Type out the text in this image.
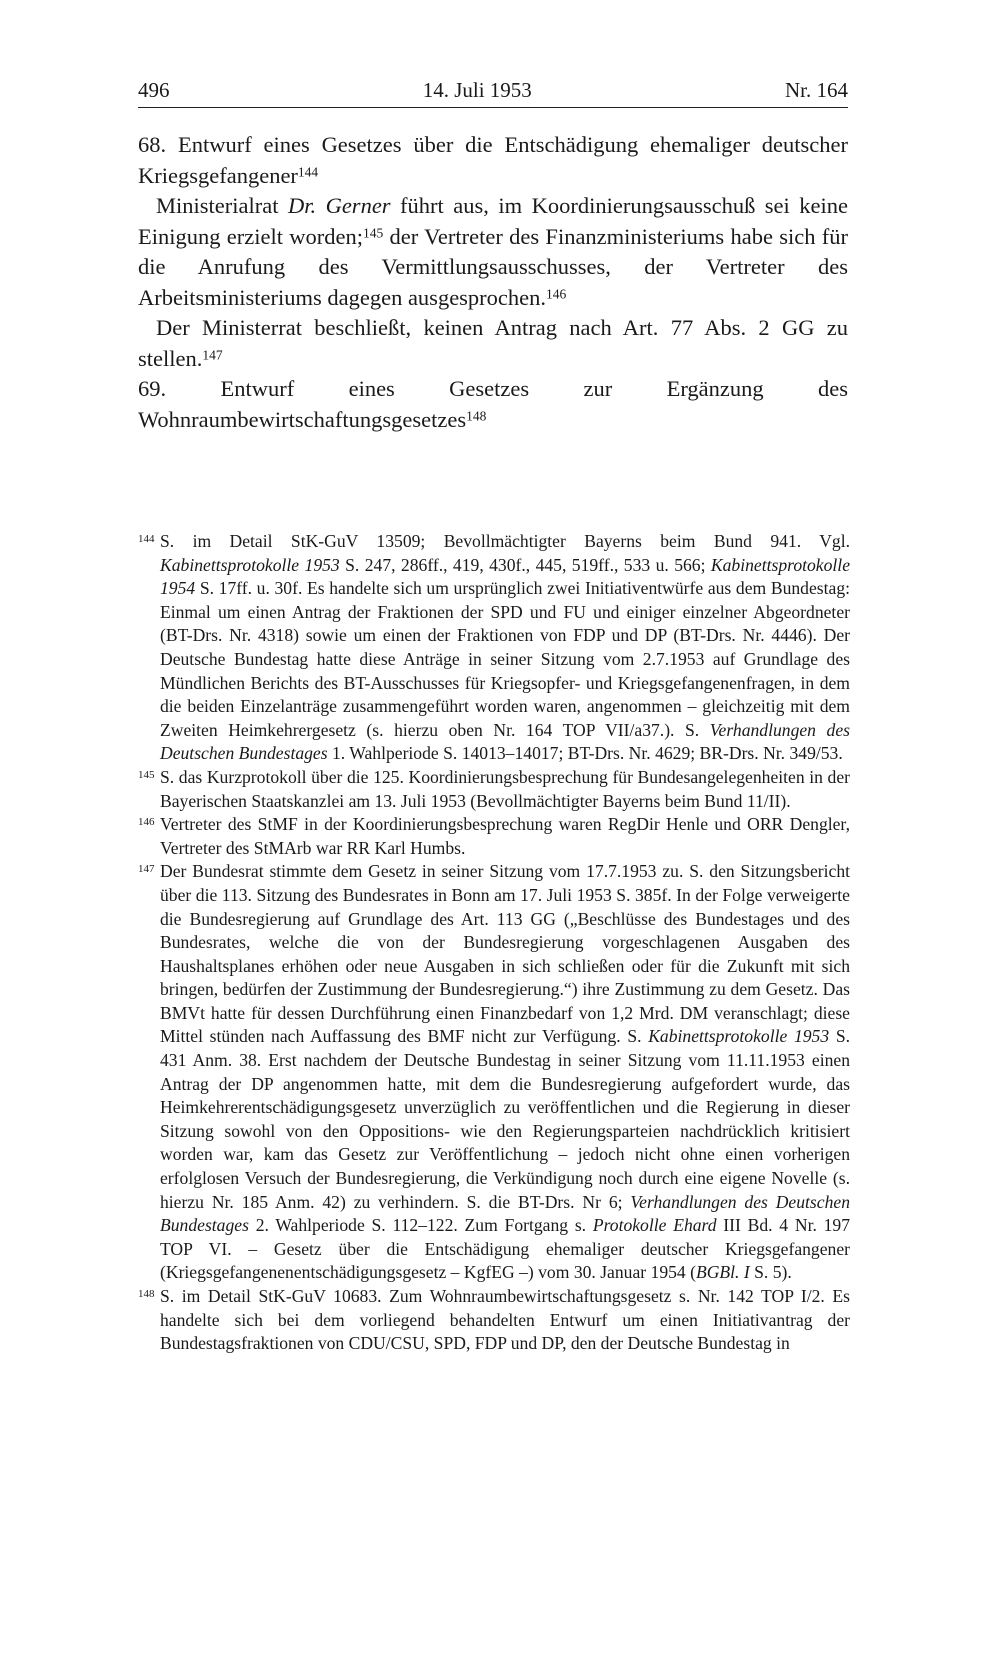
496	14. Juli 1953	Nr. 164

68. Entwurf eines Gesetzes über die Entschädigung ehemaliger deutscher Kriegsgefangener$^{144}$

Ministerialrat Dr. Gerner führt aus, im Koordinierungsausschuß sei keine Einigung erzielt worden;$^{145}$ der Vertreter des Finanzministeriums habe sich für die Anrufung des Vermittlungsausschusses, der Vertreter des Arbeitsministeriums dagegen ausgesprochen.$^{146}$

Der Ministerrat beschließt, keinen Antrag nach Art. 77 Abs. 2 GG zu stellen.$^{147}$

69. Entwurf eines Gesetzes zur Ergänzung des Wohnraumbewirtschaftungsgesetzes$^{148}$

144 S. im Detail StK-GuV 13509; Bevollmächtigter Bayerns beim Bund 941. Vgl. Kabinettsprotokolle 1953 S. 247, 286ff., 419, 430f., 445, 519ff., 533 u. 566; Kabinettsprotokolle 1954 S. 17ff. u. 30f. Es handelte sich um ursprünglich zwei Initiativentwürfe aus dem Bundestag: Einmal um einen Antrag der Fraktionen der SPD und FU und einiger einzelner Abgeordneter (BT-Drs. Nr. 4318) sowie um einen der Fraktionen von FDP und DP (BT-Drs. Nr. 4446). Der Deutsche Bundestag hatte diese Anträge in seiner Sitzung vom 2.7.1953 auf Grundlage des Mündlichen Berichts des BT-Ausschusses für Kriegsopfer- und Kriegsgefangenenfragen, in dem die beiden Einzelanträge zusammengeführt worden waren, angenommen – gleichzeitig mit dem Zweiten Heimkehrergesetz (s. hierzu oben Nr. 164 TOP VII/a37.). S. Verhandlungen des Deutschen Bundestages 1. Wahlperiode S. 14013–14017; BT-Drs. Nr. 4629; BR-Drs. Nr. 349/53.
145 S. das Kurzprotokoll über die 125. Koordinierungsbesprechung für Bundesangelegenheiten in der Bayerischen Staatskanzlei am 13. Juli 1953 (Bevollmächtigter Bayerns beim Bund 11/II).
146 Vertreter des StMF in der Koordinierungsbesprechung waren RegDir Henle und ORR Dengler, Vertreter des StMArb war RR Karl Humbs.
147 Der Bundesrat stimmte dem Gesetz in seiner Sitzung vom 17.7.1953 zu. S. den Sitzungsbericht über die 113. Sitzung des Bundesrates in Bonn am 17. Juli 1953 S. 385f. In der Folge verweigerte die Bundesregierung auf Grundlage des Art. 113 GG („Beschlüsse des Bundestages und des Bundesrates, welche die von der Bundesregierung vorgeschlagenen Ausgaben des Haushaltsplanes erhöhen oder neue Ausgaben in sich schließen oder für die Zukunft mit sich bringen, bedürfen der Zustimmung der Bundesregierung.“) ihre Zustimmung zu dem Gesetz. Das BMVt hatte für dessen Durchführung einen Finanzbedarf von 1,2 Mrd. DM veranschlagt; diese Mittel stünden nach Auffassung des BMF nicht zur Verfügung. S. Kabinettsprotokolle 1953 S. 431 Anm. 38. Erst nachdem der Deutsche Bundestag in seiner Sitzung vom 11.11.1953 einen Antrag der DP angenommen hatte, mit dem die Bundesregierung aufgefordert wurde, das Heimkehrerentschädigungsgesetz unverzüglich zu veröffentlichen und die Regierung in dieser Sitzung sowohl von den Oppositions- wie den Regierungsparteien nachdrücklich kritisiert worden war, kam das Gesetz zur Veröffentlichung – jedoch nicht ohne einen vorherigen erfolglosen Versuch der Bundesregierung, die Verkündigung noch durch eine eigene Novelle (s. hierzu Nr. 185 Anm. 42) zu verhindern. S. die BT-Drs. Nr 6; Verhandlungen des Deutschen Bundestages 2. Wahlperiode S. 112–122. Zum Fortgang s. Protokolle Ehard III Bd. 4 Nr. 197 TOP VI. – Gesetz über die Entschädigung ehemaliger deutscher Kriegsgefangener (Kriegsgefangenenentschädigungsgesetz – KgfEG –) vom 30. Januar 1954 (BGBl. I S. 5).
148 S. im Detail StK-GuV 10683. Zum Wohnraumbewirtschaftungsgesetz s. Nr. 142 TOP I/2. Es handelte sich bei dem vorliegend behandelten Entwurf um einen Initiativantrag der Bundestagsfraktionen von CDU/CSU, SPD, FDP und DP, den der Deutsche Bundestag in
